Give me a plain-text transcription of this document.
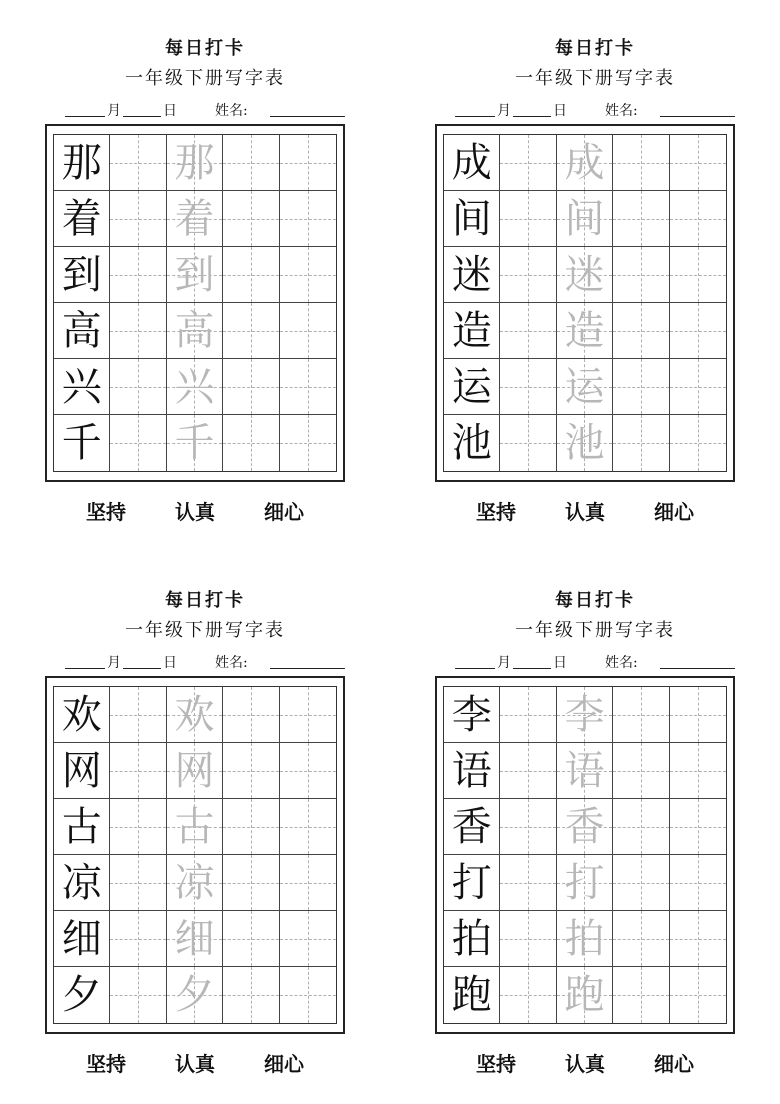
每日打卡
一年级下册写字表
月	日	姓名:
那 那
着 着
到 到
高 高
兴 兴
千 千
坚持 认真 细心
每日打卡
一年级下册写字表
月	日	姓名:
成 成
间 间
迷 迷
造 造
运 运
池 池
坚持 认真 细心
每日打卡
一年级下册写字表
月	日	姓名:
欢 欢
网 网
古 古
凉 凉
细 细
夕 夕
坚持 认真 细心
每日打卡
一年级下册写字表
月	日	姓名:
李 李
语 语
香 香
打 打
拍 拍
跑 跑
坚持 认真 细心
